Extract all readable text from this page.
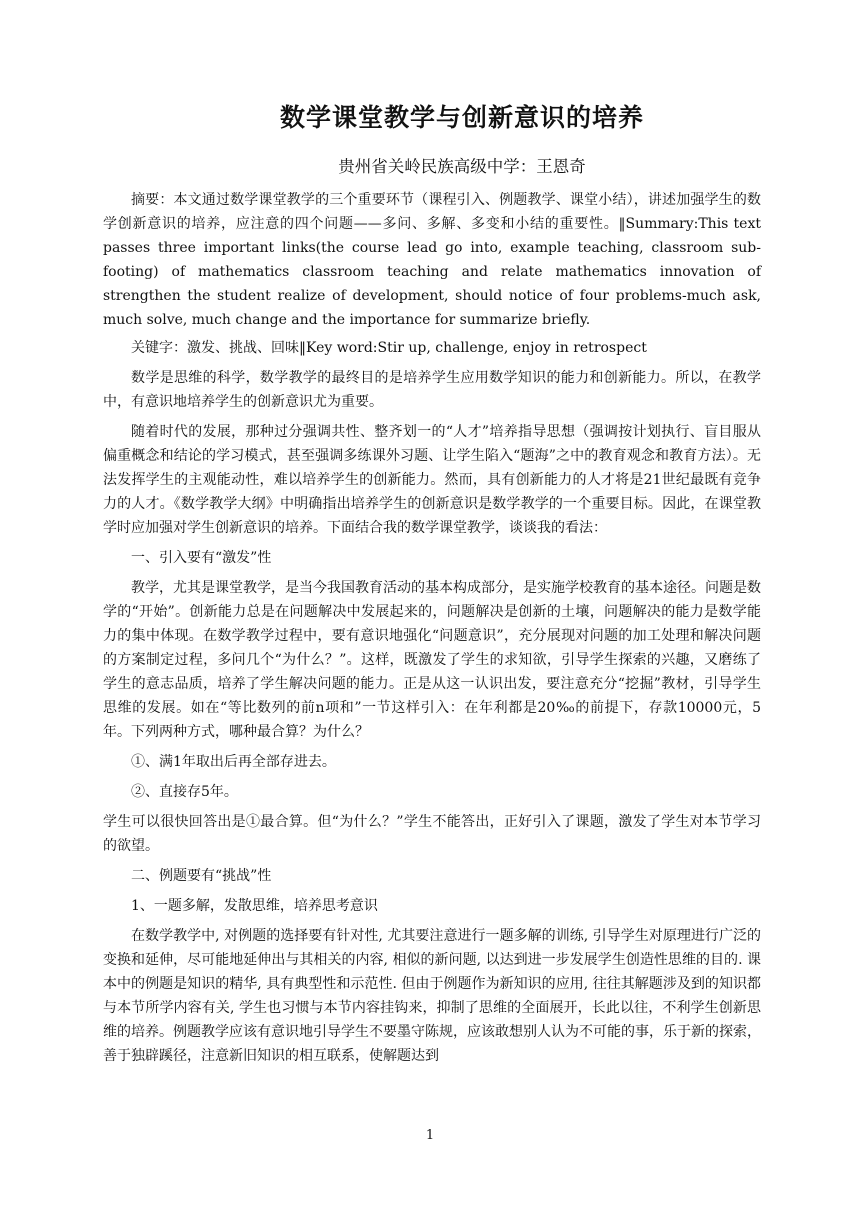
数学课堂教学与创新意识的培养
贵州省关岭民族高级中学：王恩奇

摘要：本文通过数学课堂教学的三个重要环节（课程引入、例题教学、课堂小结），讲述加强学生的数学创新意识的培养，应注意的四个问题——多问、多解、多变和小结的重要性。‖Summary:This text passes three important links(the course lead go into, example teaching, classroom sub-footing) of mathematics classroom teaching and relate mathematics innovation of strengthen the student realize of development, should notice of four problems-much ask, much solve, much change and the importance for summarize briefly.

关键字：激发、挑战、回味‖Key word:Stir up, challenge, enjoy in retrospect

数学是思维的科学，数学教学的最终目的是培养学生应用数学知识的能力和创新能力。所以，在教学中，有意识地培养学生的创新意识尤为重要。

随着时代的发展，那种过分强调共性、整齐划一的“人才”培养指导思想（强调按计划执行、盲目服从偏重概念和结论的学习模式，甚至强调多练课外习题、让学生陷入“题海”之中的教育观念和教育方法）。无法发挥学生的主观能动性，难以培养学生的创新能力。然而，具有创新能力的人才将是21世纪最既有竞争力的人才。《数学教学大纲》中明确指出培养学生的创新意识是数学教学的一个重要目标。因此，在课堂教学时应加强对学生创新意识的培养。下面结合我的数学课堂教学，谈谈我的看法：

一、引入要有“激发”性

教学，尤其是课堂教学，是当今我国教育活动的基本构成部分，是实施学校教育的基本途径。问题是数学的“开始”。创新能力总是在问题解决中发展起来的，问题解决是创新的土壤，问题解决的能力是数学能力的集中体现。在数学教学过程中，要有意识地强化“问题意识”，充分展现对问题的加工处理和解决问题的方案制定过程，多问几个“为什么？”。这样，既激发了学生的求知欲，引导学生探索的兴趣，又磨练了学生的意志品质，培养了学生解决问题的能力。正是从这一认识出发，要注意充分“挖掘”教材，引导学生思维的发展。如在“等比数列的前n项和”一节这样引入：在年利都是20‰的前提下，存款10000元，5年。下列两种方式，哪种最合算？为什么？

①、满1年取出后再全部存进去。

②、直接存5年。

学生可以很快回答出是①最合算。但“为什么？”学生不能答出，正好引入了课题，激发了学生对本节学习的欲望。

二、例题要有“挑战”性

1、一题多解，发散思维，培养思考意识

在数学教学中, 对例题的选择要有针对性, 尤其要注意进行一题多解的训练, 引导学生对原理进行广泛的变换和延伸，尽可能地延伸出与其相关的内容, 相似的新问题, 以达到进一步发展学生创造性思维的目的. 课本中的例题是知识的精华, 具有典型性和示范性. 但由于例题作为新知识的应用, 往往其解题涉及到的知识都与本节所学内容有关, 学生也习惯与本节内容挂钩来，抑制了思维的全面展开，长此以往，不利学生创新思维的培养。例题教学应该有意识地引导学生不要墨守陈规，应该敢想别人认为不可能的事，乐于新的探索，善于独辟蹊径，注意新旧知识的相互联系，使解题达到

1
